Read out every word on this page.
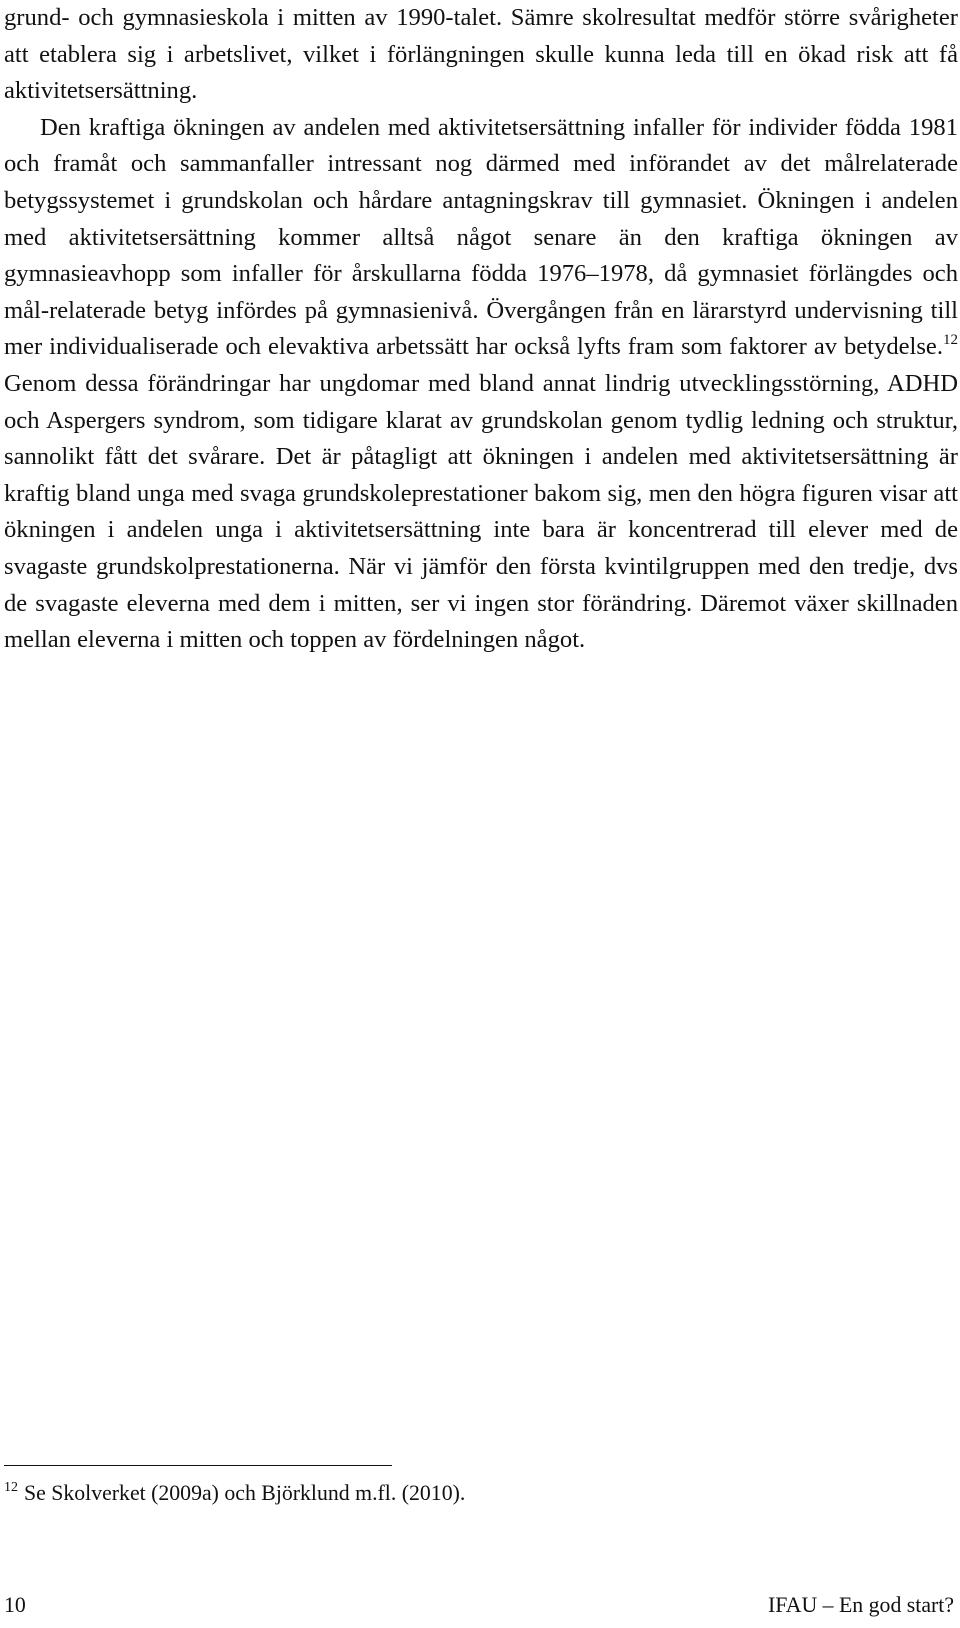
grund- och gymnasieskola i mitten av 1990-talet. Sämre skolresultat medför större svårigheter att etablera sig i arbetslivet, vilket i förlängningen skulle kunna leda till en ökad risk att få aktivitetsersättning.

Den kraftiga ökningen av andelen med aktivitetsersättning infaller för individer födda 1981 och framåt och sammanfaller intressant nog därmed med införandet av det målrelaterade betygssystemet i grundskolan och hårdare antagningskrav till gymnasiet. Ökningen i andelen med aktivitetsersättning kommer alltså något senare än den kraftiga ökningen av gymnasieavhopp som infaller för årskullarna födda 1976–1978, då gymnasiet förlängdes och mål-relaterade betyg infördes på gymnasienivå. Övergången från en lärarstyrd undervisning till mer individualiserade och elevaktiva arbetssätt har också lyfts fram som faktorer av betydelse.$^{12}$ Genom dessa förändringar har ungdomar med bland annat lindrig utvecklingsstörning, ADHD och Aspergers syndrom, som tidigare klarat av grundskolan genom tydlig ledning och struktur, sannolikt fått det svårare. Det är påtagligt att ökningen i andelen med aktivitetsersättning är kraftig bland unga med svaga grundskoleprestationer bakom sig, men den högra figuren visar att ökningen i andelen unga i aktivitetsersättning inte bara är koncentrerad till elever med de svagaste grundskolprestationerna. När vi jämför den första kvintilgruppen med den tredje, dvs de svagaste eleverna med dem i mitten, ser vi ingen stor förändring. Däremot växer skillnaden mellan eleverna i mitten och toppen av fördelningen något.

$^{12}$ Se Skolverket (2009a) och Björklund m.fl. (2010).

10	IFAU – En god start?
